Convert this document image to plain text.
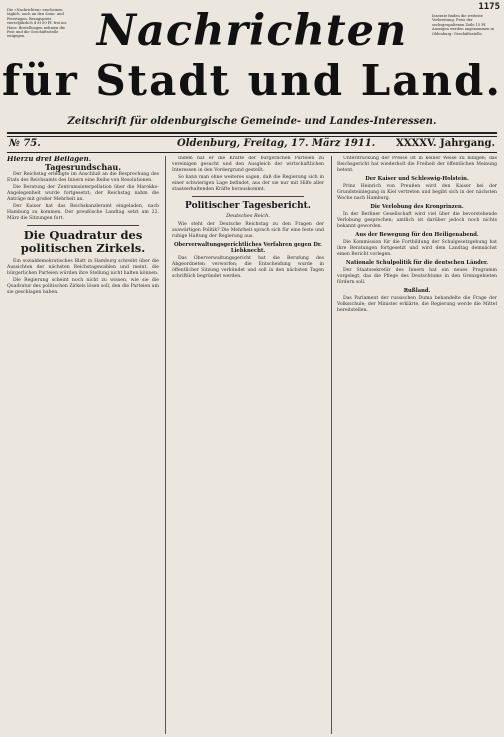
1175
Die »Nachrichten« erscheinen täglich, auch an den Sonn- und Feiertagen. Bezugspreis vierteljährlich 4 M 50 Pf. frei ins Haus. Bestellungen nehmen die Post und die Geschäftsstelle entgegen.
Inserate finden die weiteste Verbreitung. Preis der sechsgespaltenen Zeile 15 Pf. Anzeigen werden angenommen in Oldenburg: Geschäftsstelle.
Nachrichten
für Stadt und Land.
Zeitschrift für oldenburgische Gemeinde- und Landes-Interessen.
№ 75.	Oldenburg, Freitag, 17. März 1911. XXXXV. Jahrgang.
Hierzu drei Beilagen.
Tagesrundschau.

Der Reichstag erledigte im Anschluß an die Besprechung des Etats des Reichsamts des Innern eine Reihe von Resolutionen.

Die Beratung der Zentrumsinterpellation über die Marokko-Angelegenheit wurde fortgesetzt; der Reichstag nahm die Anträge mit großer Mehrheit an.

Der Kaiser hat das Reichskanzleramt eingeladen, nach Hamburg zu kommen. Der preußische Landtag setzt am 22. März die Sitzungen fort.

Die Quadratur des politischen Zirkels.

Ein sozialdemokratisches Blatt in Hamburg schreibt über die Aussichten der nächsten Reichstagswahlen und meint, die bürgerlichen Parteien würden ihre Stellung nicht halten können.

Die Regierung scheint noch nicht zu wissen, wie sie die Quadratur des politischen Zirkels lösen soll, den die Parteien um sie geschlagen haben.

Indem hat er die Kräfte der bürgerlichen Parteien zu vereinigen gesucht und den Ausgleich der wirtschaftlichen Interessen in den Vordergrund gestellt.

So kann man ohne weiteres sagen, daß die Regierung sich in einer schwierigen Lage befindet, aus der sie nur mit Hilfe aller staatserhaltenden Kräfte herauskommt.

Politischer Tagesbericht.
Deutsches Reich.

Wie steht der Deutsche Reichstag zu den Fragen der auswärtigen Politik? Die Mehrheit sprach sich für eine feste und ruhige Haltung der Regierung aus.

Oberverwaltungsgerichtliches Verfahren gegen Dr. Liebknecht.

Das Oberverwaltungsgericht hat die Berufung des Abgeordneten verworfen; die Entscheidung wurde in öffentlicher Sitzung verkündet und soll in den nächsten Tagen schriftlich begründet werden.

Unterdrückung der Presse ist in keiner Weise zu billigen; das Reichsgericht hat wiederholt die Freiheit der öffentlichen Meinung betont.

Der Kaiser und Schleswig-Holstein.

Prinz Heinrich von Preußen wird den Kaiser bei der Grundsteinlegung in Kiel vertreten und begibt sich in der nächsten Woche nach Hamburg.

Die Verlobung des Kronprinzen.

In der Berliner Gesellschaft wird viel über die bevorstehende Verlobung gesprochen; amtlich ist darüber jedoch noch nichts bekannt geworden.

Aus der Bewegung für den Heiligenabend.

Die Kommission für die Fortbildung der Schulgesetzgebung hat ihre Beratungen fortgesetzt und wird dem Landtag demnächst einen Bericht vorlegen.

Nationale Schulpolitik für die deutschen Länder.

Der Staatssekretär des Innern hat ein neues Programm vorgelegt, das die Pflege des Deutschtums in den Grenzgebieten fördern soll.

Rußland.

Das Parlament der russischen Duma behandelte die Frage der Volksschule; der Minister erklärte, die Regierung werde die Mittel bereitstellen.
